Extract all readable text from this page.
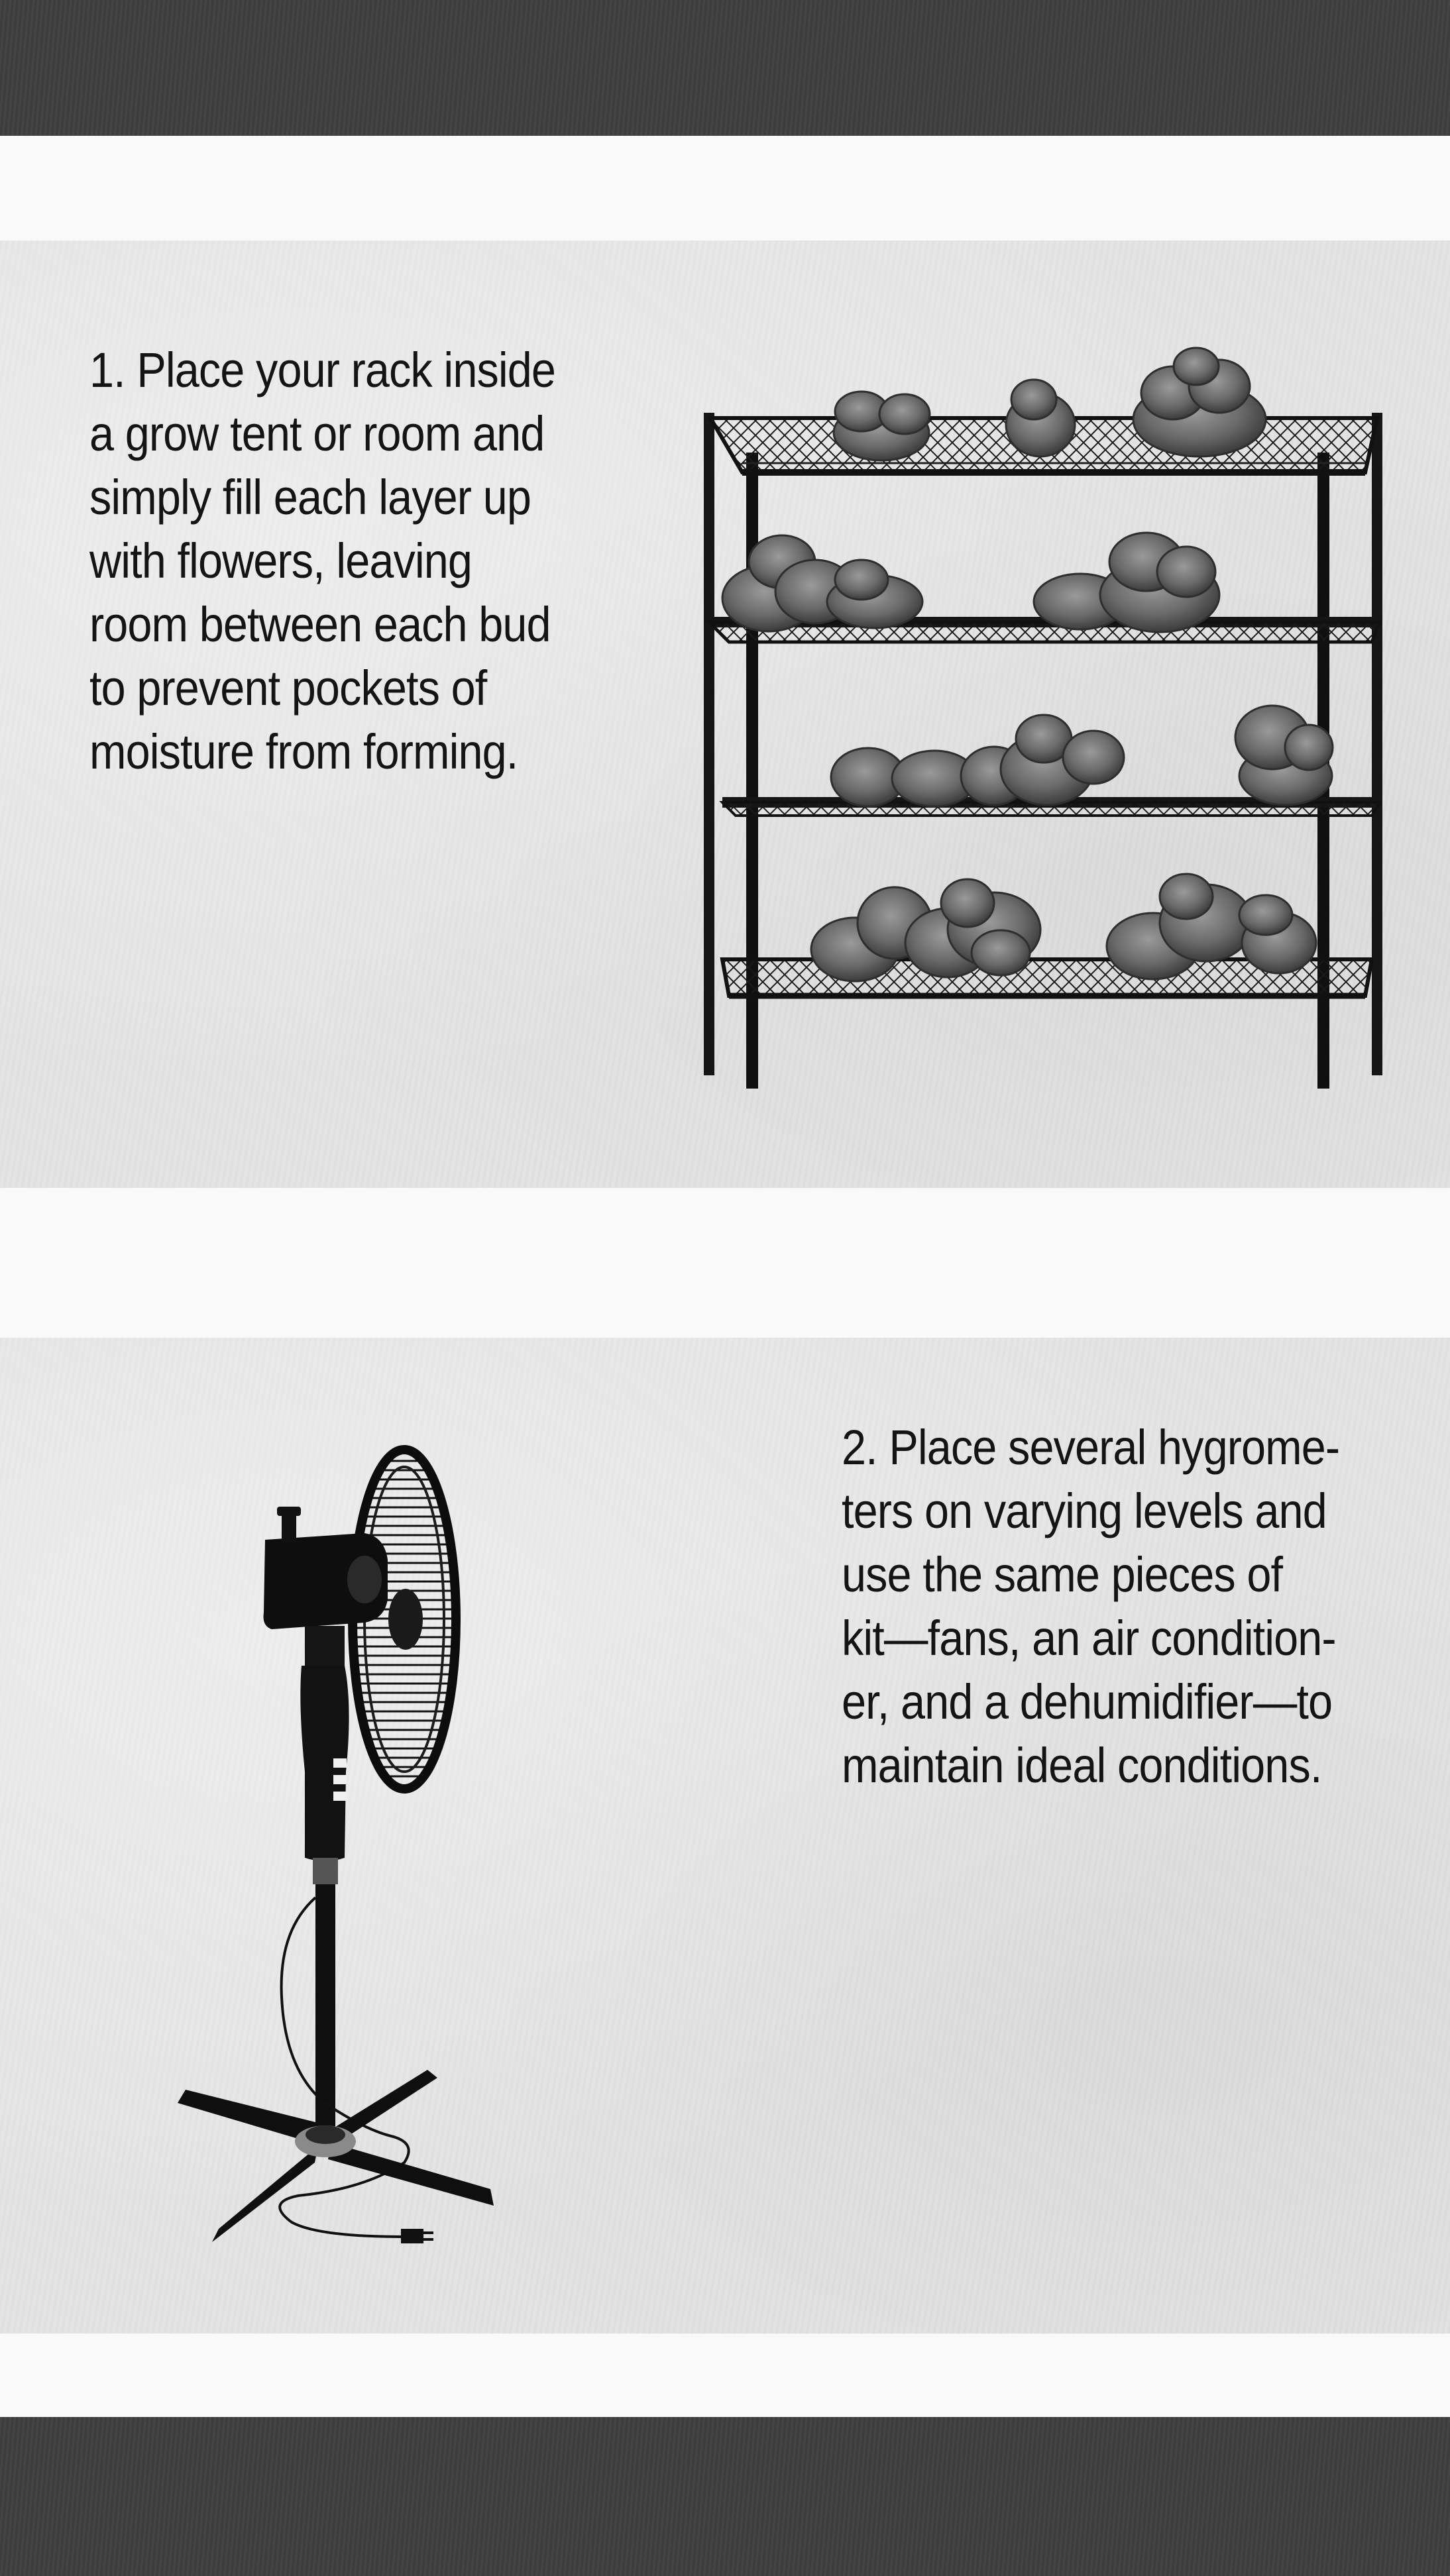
1. Place your rack inside
a grow tent or room and
simply fill each layer up
with flowers, leaving
room between each bud
to prevent pockets of
moisture from forming.

2. Place several hygrome-
ters on varying levels and
use the same pieces of
kit—fans, an air condition-
er, and a dehumidifier—to
maintain ideal conditions.
